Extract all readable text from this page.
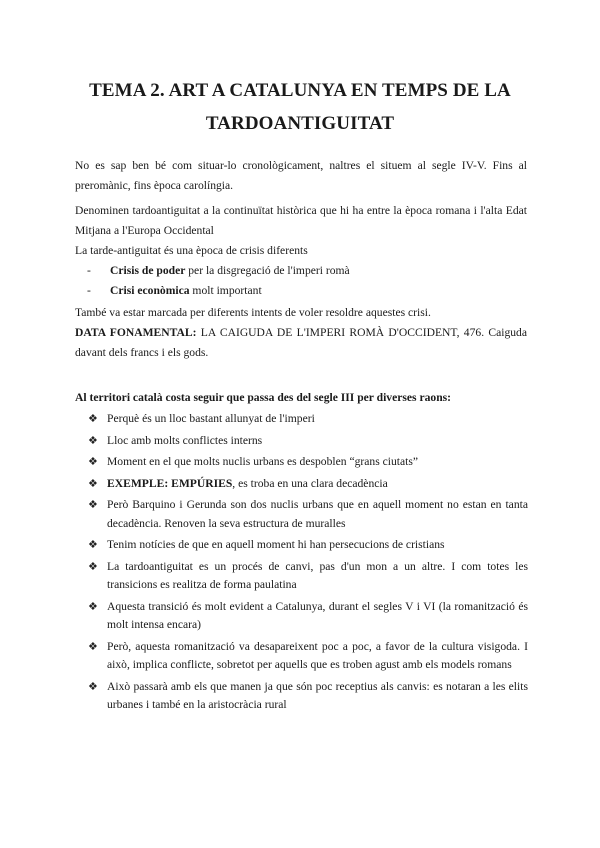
TEMA 2. ART A CATALUNYA EN TEMPS DE LA
TARDOANTIGUITAT

No es sap ben bé com situar-lo cronològicament, naltres el situem al segle IV-V. Fins al preromànic, fins època carolíngia.

Denominen tardoantiguitat a la continuïtat històrica que hi ha entre la època romana i l'alta Edat Mitjana a l'Europa Occidental

La tarde-antiguitat és una època de crisis diferents

- Crisis de poder per la disgregació de l'imperi romà
- Crisi econòmica molt important

També va estar marcada per diferents intents de voler resoldre aquestes crisi.

DATA FONAMENTAL: LA CAIGUDA DE L'IMPERI ROMÀ D'OCCIDENT, 476. Caiguda davant dels francs i els gods.

Al territori català costa seguir que passa des del segle III per diverses raons:
❖ Perquè és un lloc bastant allunyat de l'imperi
❖ Lloc amb molts conflictes interns
❖ Moment en el que molts nuclis urbans es despoblen “grans ciutats”
❖ EXEMPLE: EMPÚRIES, es troba en una clara decadència
❖ Però Barquino i Gerunda son dos nuclis urbans que en aquell moment no estan en tanta decadència. Renoven la seva estructura de muralles
❖ Tenim notícies de que en aquell moment hi han persecucions de cristians
❖ La tardoantiguitat es un procés de canvi, pas d'un mon a un altre. I com totes les transicions es realitza de forma paulatina
❖ Aquesta transició és molt evident a Catalunya, durant el segles V i VI (la romanització és molt intensa encara)
❖ Però, aquesta romanització va desapareixent poc a poc, a favor de la cultura visigoda. I això, implica conflicte, sobretot per aquells que es troben agust amb els models romans
❖ Això passarà amb els que manen ja que són poc receptius als canvis: es notaran a les elits urbanes i també en la aristocràcia rural
